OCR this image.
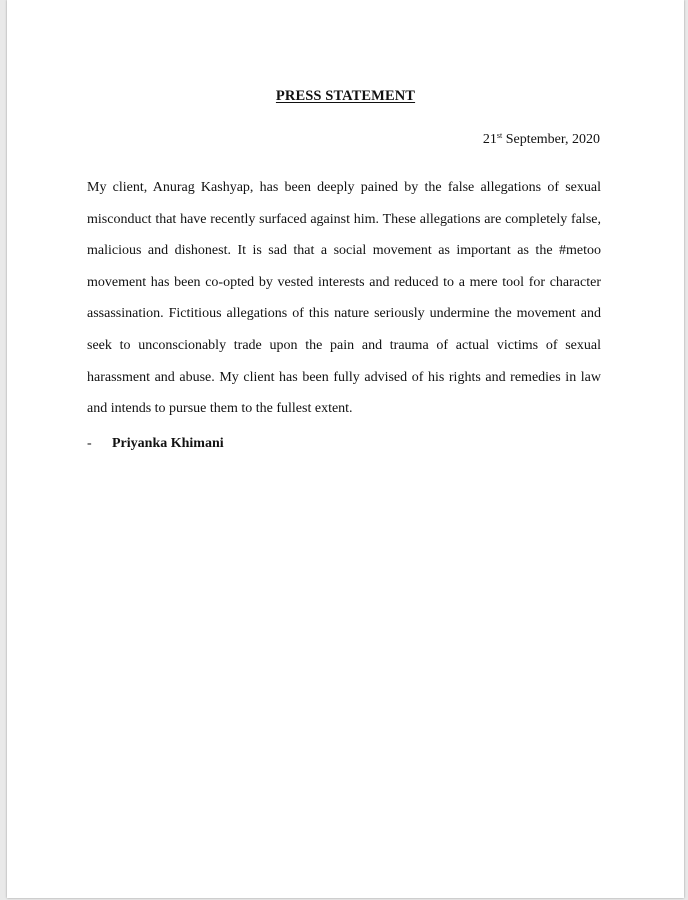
PRESS STATEMENT
21st September, 2020

My client, Anurag Kashyap, has been deeply pained by the false allegations of sexual misconduct that have recently surfaced against him. These allegations are completely false, malicious and dishonest. It is sad that a social movement as important as the #metoo movement has been co-opted by vested interests and reduced to a mere tool for character assassination. Fictitious allegations of this nature seriously undermine the movement and seek to unconscionably trade upon the pain and trauma of actual victims of sexual harassment and abuse. My client has been fully advised of his rights and remedies in law and intends to pursue them to the fullest extent.

- Priyanka Khimani
